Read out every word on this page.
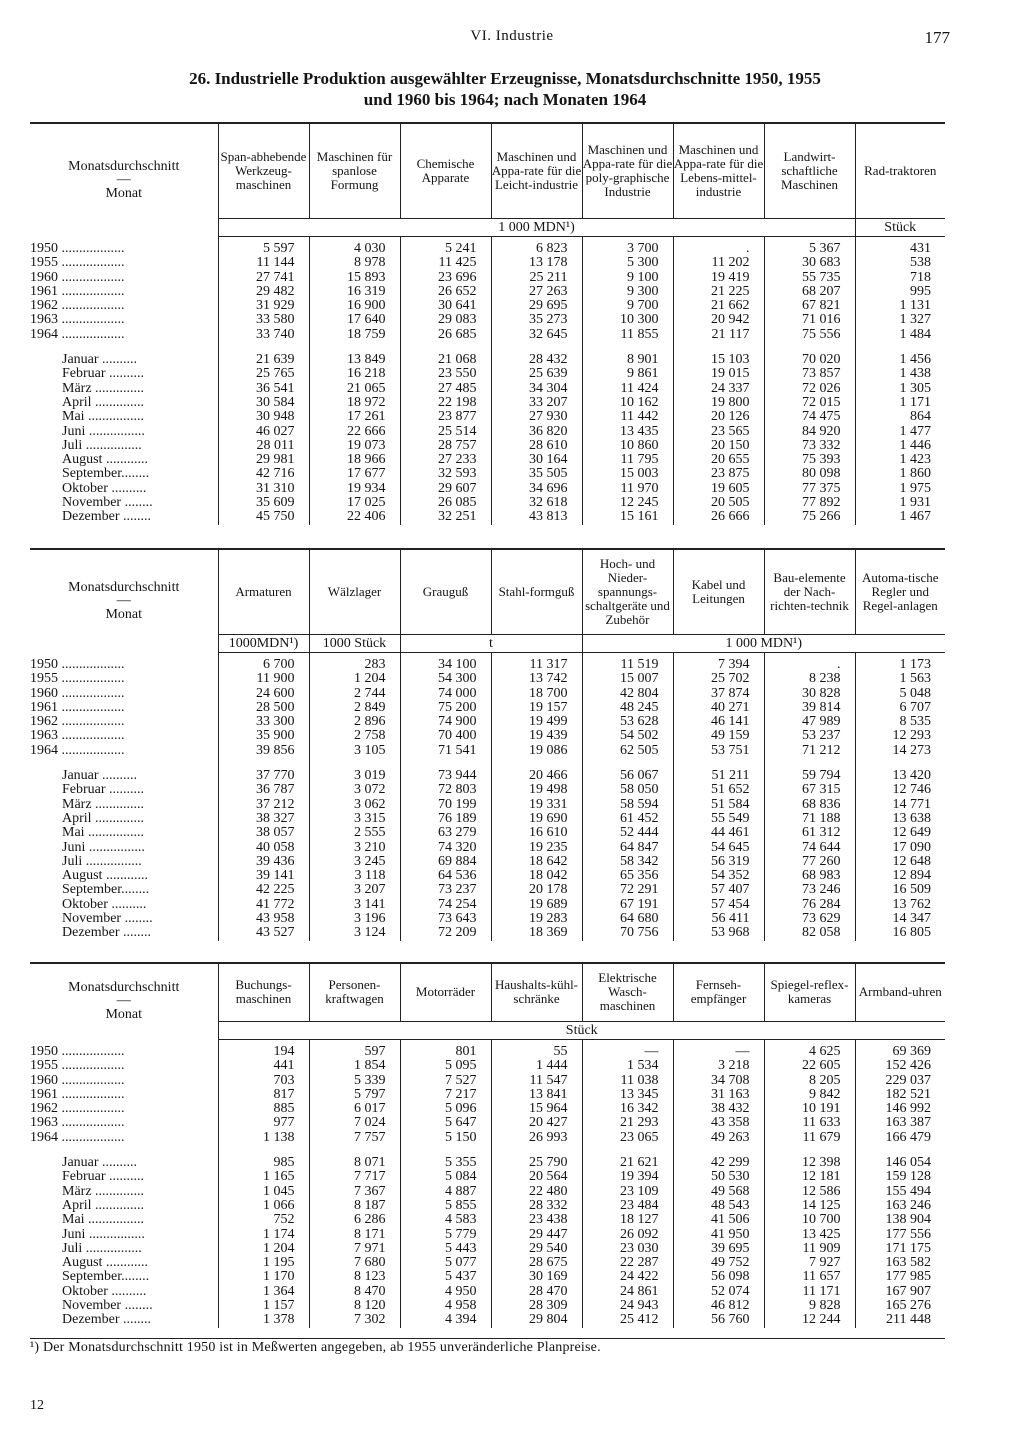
VI. Industrie	177
26. Industrielle Produktion ausgewählter Erzeugnisse, Monatsdurchschnitte 1950, 1955
und 1960 bis 1964; nach Monaten 1964
Monatsdurchschnitt
—
Monat	Span-abhebende Werkzeug-maschinen	Maschinen für spanlose Formung	Chemische Apparate	Maschinen und Appa-rate für die Leicht-industrie	Maschinen und Appa-rate für die poly-graphische Industrie	Maschinen und Appa-rate für die Lebens-mittel-industrie	Landwirt-schaftliche Maschinen	Rad-traktoren
	1 000 MDN¹)							Stück

1950 ..................	5 597	4 030	5 241	6 823	3 700	.	5 367	431
1955 ..................	11 144	8 978	11 425	13 178	5 300	11 202	30 683	538
1960 ..................	27 741	15 893	23 696	25 211	9 100	19 419	55 735	718
1961 ..................	29 482	16 319	26 652	27 263	9 300	21 225	68 207	995
1962 ..................	31 929	16 900	30 641	29 695	9 700	21 662	67 821	1 131
1963 ..................	33 580	17 640	29 083	35 273	10 300	20 942	71 016	1 327
1964 ..................	33 740	18 759	26 685	32 645	11 855	21 117	75 556	1 484

Januar ..........	21 639	13 849	21 068	28 432	8 901	15 103	70 020	1 456
Februar ..........	25 765	16 218	23 550	25 639	9 861	19 015	73 857	1 438
März ..............	36 541	21 065	27 485	34 304	11 424	24 337	72 026	1 305
April ..............	30 584	18 972	22 198	33 207	10 162	19 800	72 015	1 171
Mai ................	30 948	17 261	23 877	27 930	11 442	20 126	74 475	864
Juni ................	46 027	22 666	25 514	36 820	13 435	23 565	84 920	1 477
Juli ................	28 011	19 073	28 757	28 610	10 860	20 150	73 332	1 446
August ............	29 981	18 966	27 233	30 164	11 795	20 655	75 393	1 423
September........	42 716	17 677	32 593	35 505	15 003	23 875	80 098	1 860
Oktober ..........	31 310	19 934	29 607	34 696	11 970	19 605	77 375	1 975
November ........	35 609	17 025	26 085	32 618	12 245	20 505	77 892	1 931
Dezember ........	45 750	22 406	32 251	43 813	15 161	26 666	75 266	1 467
Monatsdurchschnitt
—
Monat	Armaturen	Wälzlager	Grauguß	Stahl-formguß	Hoch- und Nieder-spannungs-schaltgeräte und Zubehör	Kabel und Leitungen	Bau-elemente der Nach-richten-technik	Automa-tische Regler und Regel-anlagen
	1000MDN¹)	1000 Stück	t		1 000 MDN¹)			

1950 ..................	6 700	283	34 100	11 317	11 519	7 394	.	1 173
1955 ..................	11 900	1 204	54 300	13 742	15 007	25 702	8 238	1 563
1960 ..................	24 600	2 744	74 000	18 700	42 804	37 874	30 828	5 048
1961 ..................	28 500	2 849	75 200	19 157	48 245	40 271	39 814	6 707
1962 ..................	33 300	2 896	74 900	19 499	53 628	46 141	47 989	8 535
1963 ..................	35 900	2 758	70 400	19 439	54 502	49 159	53 237	12 293
1964 ..................	39 856	3 105	71 541	19 086	62 505	53 751	71 212	14 273

Januar ..........	37 770	3 019	73 944	20 466	56 067	51 211	59 794	13 420
Februar ..........	36 787	3 072	72 803	19 498	58 050	51 652	67 315	12 746
März ..............	37 212	3 062	70 199	19 331	58 594	51 584	68 836	14 771
April ..............	38 327	3 315	76 189	19 690	61 452	55 549	71 188	13 638
Mai ................	38 057	2 555	63 279	16 610	52 444	44 461	61 312	12 649
Juni ................	40 058	3 210	74 320	19 235	64 847	54 645	74 644	17 090
Juli ................	39 436	3 245	69 884	18 642	58 342	56 319	77 260	12 648
August ............	39 141	3 118	64 536	18 042	65 356	54 352	68 983	12 894
September........	42 225	3 207	73 237	20 178	72 291	57 407	73 246	16 509
Oktober ..........	41 772	3 141	74 254	19 689	67 191	57 454	76 284	13 762
November ........	43 958	3 196	73 643	19 283	64 680	56 411	73 629	14 347
Dezember ........	43 527	3 124	72 209	18 369	70 756	53 968	82 058	16 805
Monatsdurchschnitt
—
Monat	Buchungs-maschinen	Personen-kraftwagen	Motorräder	Haushalts-kühl-schränke	Elektrische Wasch-maschinen	Fernseh-empfänger	Spiegel-reflex-kameras	Armband-uhren
	Stück							

1950 ..................	194	597	801	55	—	—	4 625	69 369
1955 ..................	441	1 854	5 095	1 444	1 534	3 218	22 605	152 426
1960 ..................	703	5 339	7 527	11 547	11 038	34 708	8 205	229 037
1961 ..................	817	5 797	7 217	13 841	13 345	31 163	9 842	182 521
1962 ..................	885	6 017	5 096	15 964	16 342	38 432	10 191	146 992
1963 ..................	977	7 024	5 647	20 427	21 293	43 358	11 633	163 387
1964 ..................	1 138	7 757	5 150	26 993	23 065	49 263	11 679	166 479

Januar ..........	985	8 071	5 355	25 790	21 621	42 299	12 398	146 054
Februar ..........	1 165	7 717	5 084	20 564	19 394	50 530	12 181	159 128
März ..............	1 045	7 367	4 887	22 480	23 109	49 568	12 586	155 494
April ..............	1 066	8 187	5 855	28 332	23 484	48 543	14 125	163 246
Mai ................	752	6 286	4 583	23 438	18 127	41 506	10 700	138 904
Juni ................	1 174	8 171	5 779	29 447	26 092	41 950	13 425	177 556
Juli ................	1 204	7 971	5 443	29 540	23 030	39 695	11 909	171 175
August ............	1 195	7 680	5 077	28 675	22 287	49 752	7 927	163 582
September........	1 170	8 123	5 437	30 169	24 422	56 098	11 657	177 985
Oktober ..........	1 364	8 470	4 950	28 470	24 861	52 074	11 171	167 907
November ........	1 157	8 120	4 958	28 309	24 943	46 812	9 828	165 276
Dezember ........	1 378	7 302	4 394	29 804	25 412	56 760	12 244	211 448
¹) Der Monatsdurchschnitt 1950 ist in Meßwerten angegeben, ab 1955 unveränderliche Planpreise.
12
